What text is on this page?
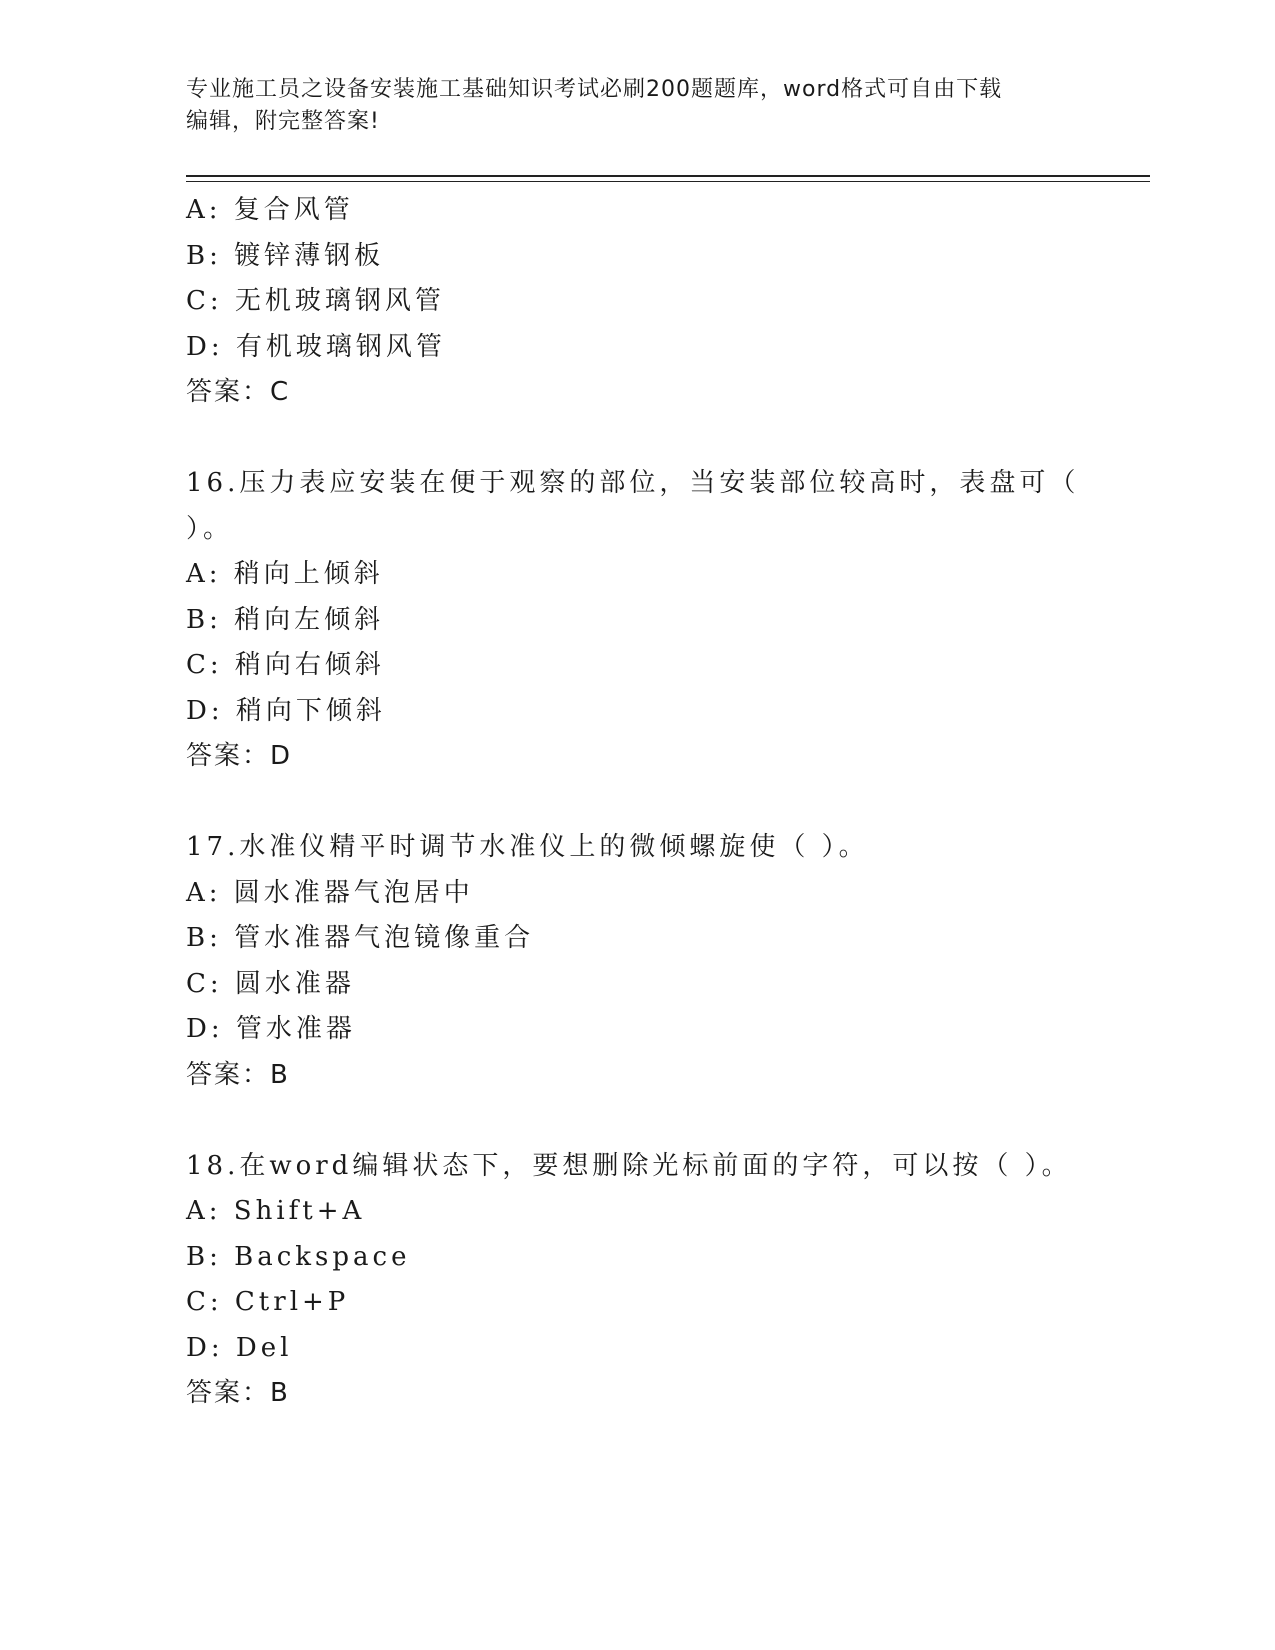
专业施工员之设备安装施工基础知识考试必刷200题题库，word格式可自由下载
编辑，附完整答案!
A: 复合风管
B: 镀锌薄钢板
C: 无机玻璃钢风管
D: 有机玻璃钢风管
答案：C
16.压力表应安装在便于观察的部位，当安装部位较高时，表盘可（
）。
A: 稍向上倾斜
B: 稍向左倾斜
C: 稍向右倾斜
D: 稍向下倾斜
答案：D
17.水准仪精平时调节水准仪上的微倾螺旋使（ ）。
A: 圆水准器气泡居中
B: 管水准器气泡镜像重合
C: 圆水准器
D: 管水准器
答案：B
18.在word编辑状态下，要想删除光标前面的字符，可以按（ ）。
A: Shift+A
B: Backspace
C: Ctrl+P
D: Del
答案：B
